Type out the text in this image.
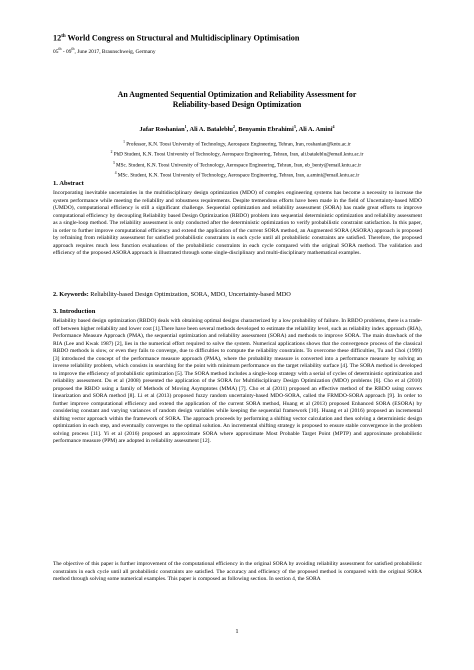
12th World Congress on Structural and Multidisciplinary Optimisation
05th - 09th, June 2017, Braunschweig, Germany
An Augmented Sequential Optimization and Reliability Assessment for
Reliability-based Design Optimization
Jafar Roshanian$^1$, Ali A. Bataleblu$^2$, Benyamin Ebrahimi$^3$, Ali A. Amini$^4$
$^1$ Professor, K.N. Toosi University of Technology, Aerospace Engineering, Tehran, Iran, roshanian@kntu.ac.ir
$^2$ PhD Student, K.N. Toosi University of Technology, Aerospace Engineering, Tehran, Iran, ali.bataleblu@email.kntu.ac.ir
$^3$ MSc. Student, K.N. Toosi University of Technology, Aerospace Engineering, Tehran, Iran, eb_benty@email.kntu.ac.ir
$^4$ MSc. Student, K.N. Toosi University of Technology, Aerospace Engineering, Tehran, Iran, a.amini@email.kntu.ac.ir
1. Abstract
Incorporating inevitable uncertainties in the multidisciplinary design optimization (MDO) of complex engineering systems has become a necessity to increase the system performance while meeting the reliability and robustness requirements. Despite tremendous efforts have been made in the field of Uncertainty-based MDO (UMDO), computational efficiency is still a significant challenge. Sequential optimization and reliability assessment (SORA) has made great efforts to improve computational efficiency by decoupling Reliability based Design Optimization (RBDO) problem into sequential deterministic optimization and reliability assessment as a single-loop method. The reliability assessment is only conducted after the deterministic optimization to verify probabilistic constraint satisfaction. In this paper, in order to further improve computational efficiency and extend the application of the current SORA method, an Augmented SORA (ASORA) approach is proposed by refraining from reliability assessment for satisfied probabilistic constraints in each cycle until all probabilistic constraints are satisfied. Therefore, the proposed approach requires much less function evaluations of the probabilistic constraints in each cycle compared with the original SORA method. The validation and efficiency of the proposed ASORA approach is illustrated through some single-disciplinary and multi-disciplinary mathematical examples.
2. Keywords: Reliability-based Design Optimization, SORA, MDO, Uncertainty-based MDO
3. Introduction
Reliability based design optimization (RBDO) deals with obtaining optimal designs characterized by a low probability of failure. In RBDO problems, there is a trade-off between higher reliability and lower cost [1].There have been several methods developed to estimate the reliability level, such as reliability index approach (RIA), Performance Measure Approach (PMA), the sequential optimization and reliability assessment (SORA) and methods to improve SORA. The main drawback of the RIA (Lee and Kwak 1987) [2], lies in the numerical effort required to solve the system. Numerical applications shows that the convergence process of the classical RBDO methods is slow, or even they fails to converge, due to difficulties to compute the reliability constraints. To overcome these difficulties, Tu and Choi (1999) [3] introduced the concept of the performance measure approach (PMA), where the probability measure is converted into a performance measure by solving an inverse reliability problem, which consists in searching for the point with minimum performance on the target reliability surface [4]. The SORA method is developed to improve the efficiency of probabilistic optimization [5]. The SORA method includes a single-loop strategy with a serial of cycles of deterministic optimization and reliability assessment. Du et al (2008) presented the application of the SORA for Multidisciplinary Design Optimization (MDO) problems [6]. Cho et al (2010) proposed the RBDO using a family of Methods of Moving Asymptotes (MMA) [7]. Cho et al (2011) proposed an effective method of the RBDO using convex linearization and SORA method [8]. Li et al (2013) proposed fuzzy random uncertainty-based MDO-SORA, called the FRMDO-SORA approach [9]. In order to further improve computational efficiency and extend the application of the current SORA method, Huang et al (2013) proposed Enhanced SORA (ESORA) by considering constant and varying variances of random design variables while keeping the sequential framework [10]. Huang et al (2016) proposed an incremental shifting vector approach within the framework of SORA. The approach proceeds by performing a shifting vector calculation and then solving a deterministic design optimization in each step, and eventually converges to the optimal solution. An incremental shifting strategy is proposed to ensure stable convergence in the problem solving process [11]. Yi et al (2016) proposed an approximate SORA where approximate Most Probable Target Point (MPTP) and approximate probabilistic performance measure (PPM) are adopted in reliability assessment [12].
The objective of this paper is further improvement of the computational efficiency in the original SORA by avoiding reliability assessment for satisfied probabilistic constraints in each cycle until all probabilistic constraints are satisfied. The accuracy and efficiency of the proposed method is compared with the original SORA method through solving some numerical examples. This paper is composed as following section. In section 4, the SORA
1
